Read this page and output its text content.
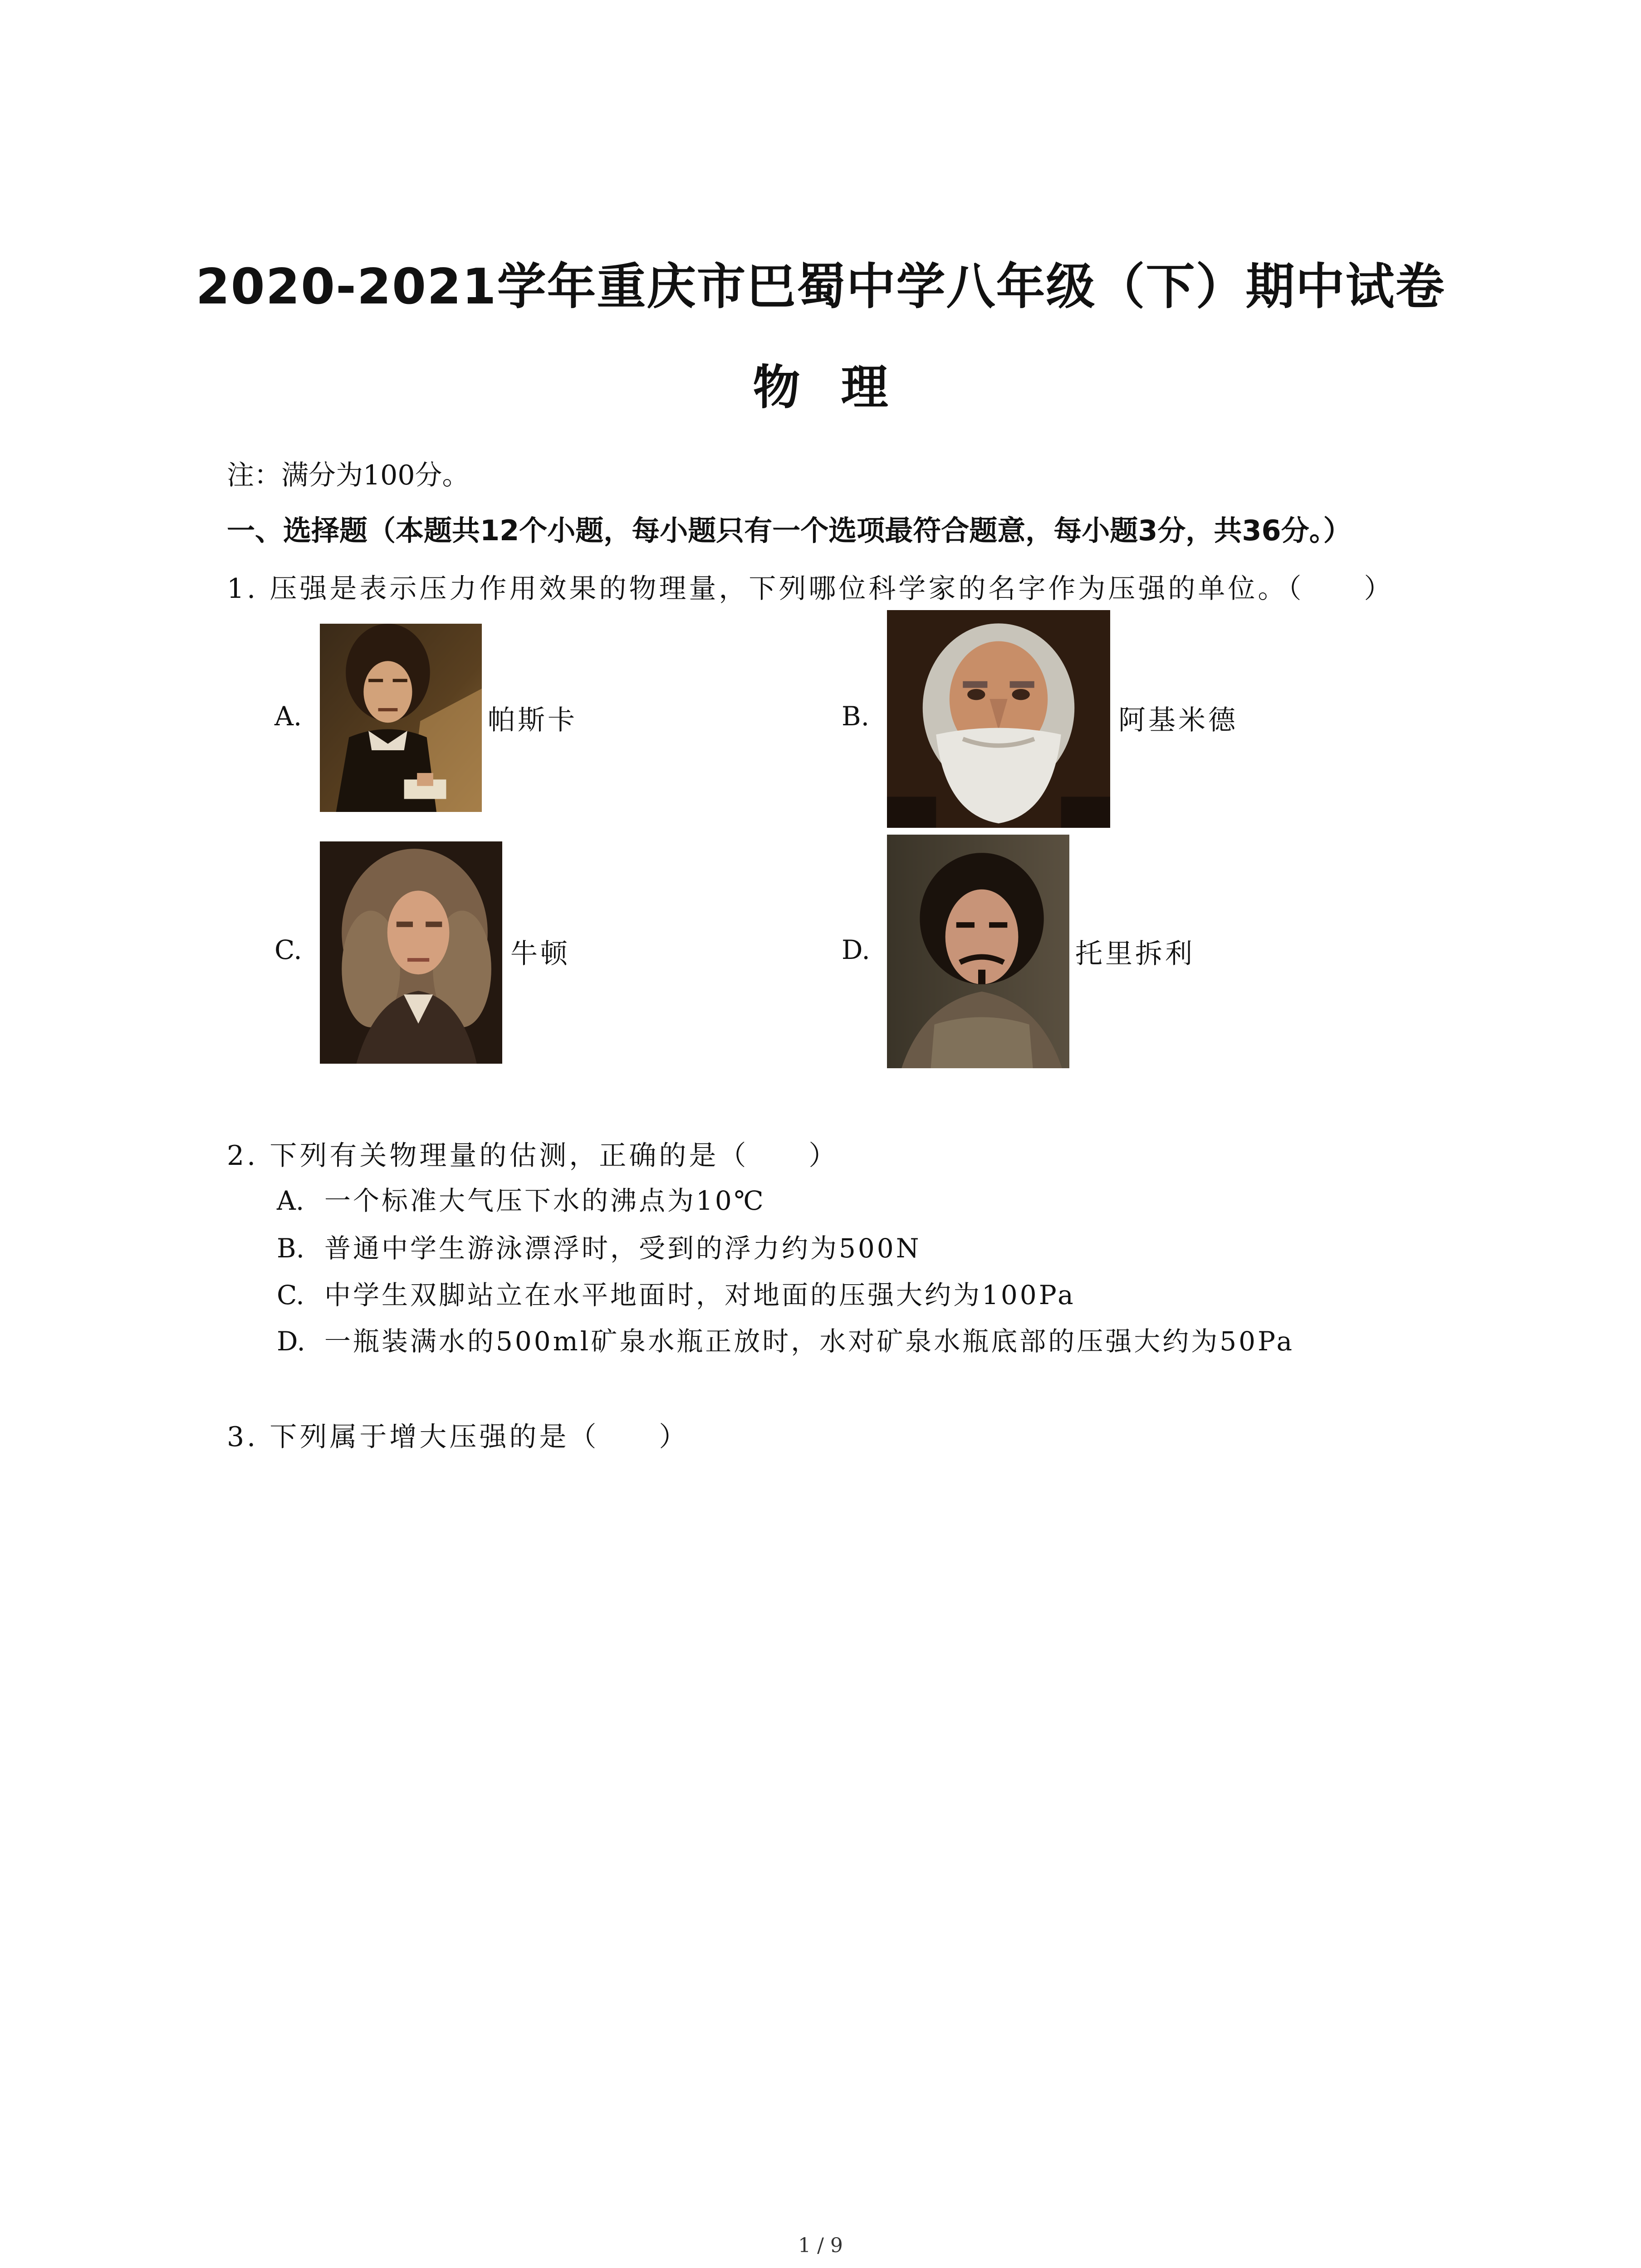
2020-2021学年重庆市巴蜀中学八年级（下）期中试卷
物理
注：满分为100分。
一、选择题（本题共12个小题，每小题只有一个选项最符合题意，每小题3分，共36分。）
1. 压强是表示压力作用效果的物理量，下列哪位科学家的名字作为压强的单位。（　　）
A.	帕斯卡	B.	阿基米德
C.	牛顿	D.	托里拆利
2. 下列有关物理量的估测，正确的是（　　）
A. 一个标准大气压下水的沸点为10℃
B. 普通中学生游泳漂浮时，受到的浮力约为500N
C. 中学生双脚站立在水平地面时，对地面的压强大约为100Pa
D. 一瓶装满水的500ml矿泉水瓶正放时，水对矿泉水瓶底部的压强大约为50Pa
3. 下列属于增大压强的是（　　）
1 / 9
